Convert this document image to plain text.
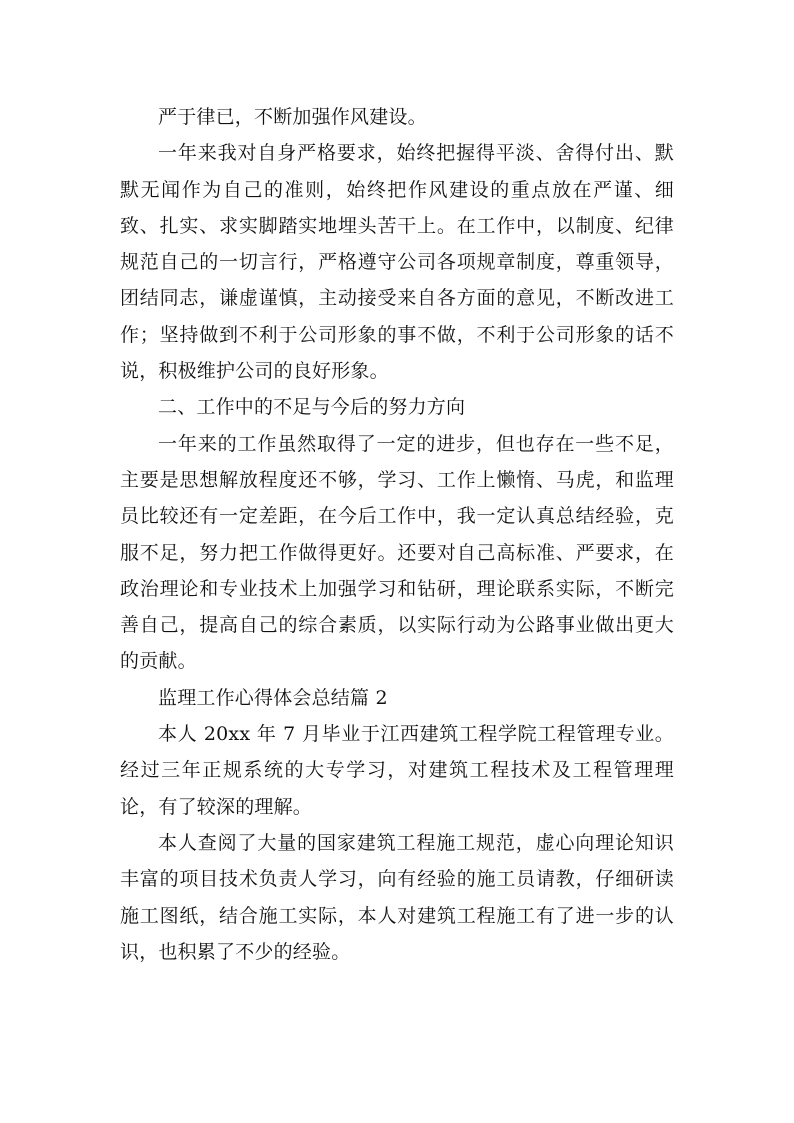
严于律已，不断加强作风建设。

一年来我对自身严格要求，始终把握得平淡、舍得付出、默默无闻作为自己的准则，始终把作风建设的重点放在严谨、细致、扎实、求实脚踏实地埋头苦干上。在工作中，以制度、纪律规范自己的一切言行，严格遵守公司各项规章制度，尊重领导，团结同志，谦虚谨慎，主动接受来自各方面的意见，不断改进工作；坚持做到不利于公司形象的事不做，不利于公司形象的话不说，积极维护公司的良好形象。

二、工作中的不足与今后的努力方向

一年来的工作虽然取得了一定的进步，但也存在一些不足，主要是思想解放程度还不够，学习、工作上懒惰、马虎，和监理员比较还有一定差距，在今后工作中，我一定认真总结经验，克服不足，努力把工作做得更好。还要对自己高标准、严要求，在政治理论和专业技术上加强学习和钻研，理论联系实际，不断完善自己，提高自己的综合素质，以实际行动为公路事业做出更大的贡献。

监理工作心得体会总结篇 2

本人 20xx 年 7 月毕业于江西建筑工程学院工程管理专业。经过三年正规系统的大专学习，对建筑工程技术及工程管理理论，有了较深的理解。

本人查阅了大量的国家建筑工程施工规范，虚心向理论知识丰富的项目技术负责人学习，向有经验的施工员请教，仔细研读施工图纸，结合施工实际，本人对建筑工程施工有了进一步的认识，也积累了不少的经验。
